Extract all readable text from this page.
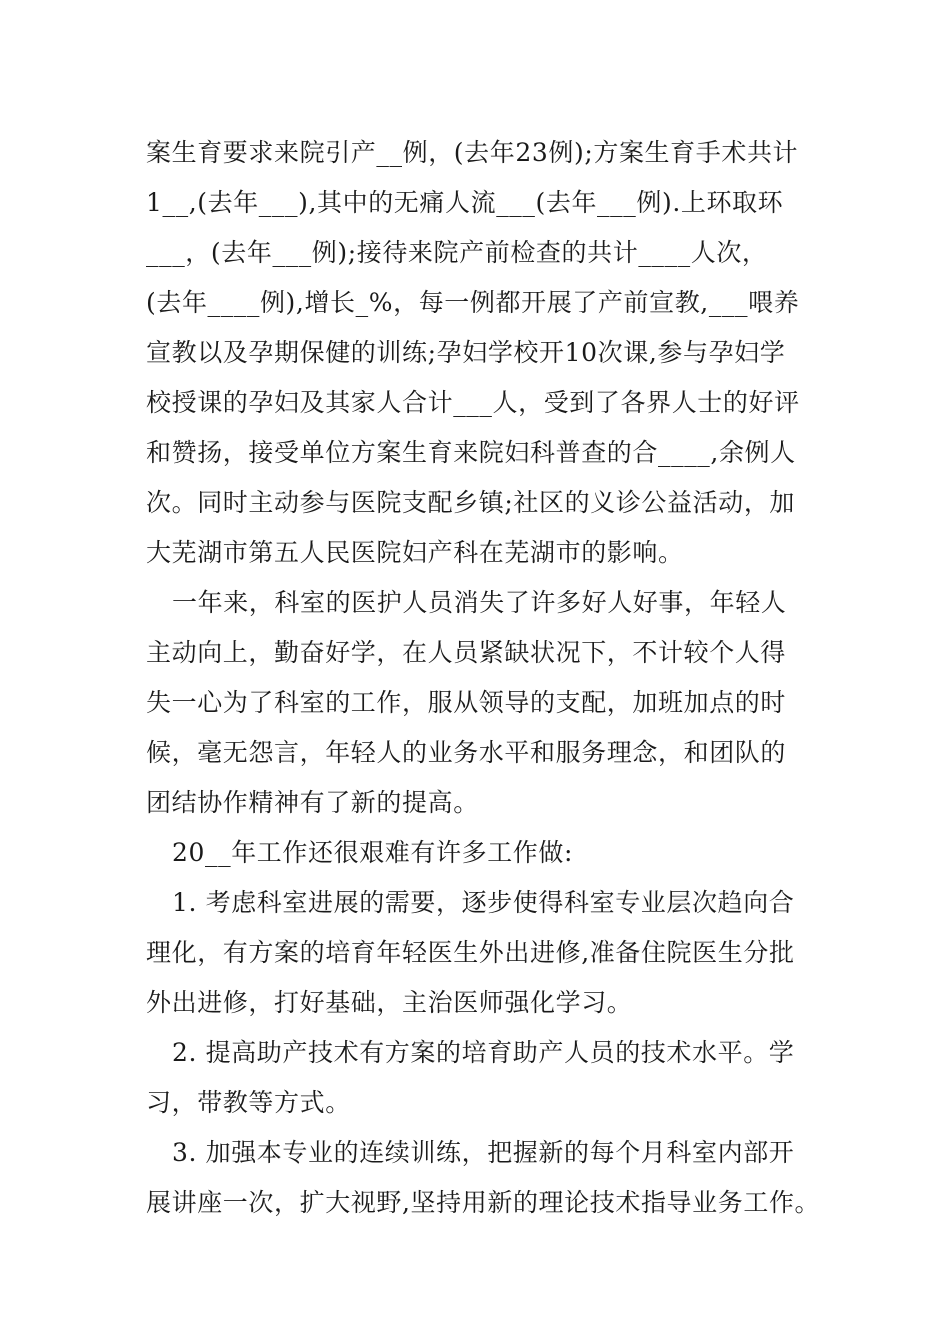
案生育要求来院引产__例，(去年23例);方案生育手术共计
1__,(去年___),其中的无痛人流___(去年___例).上环取环
___，(去年___例);接待来院产前检查的共计____人次，
(去年____例),增长_%，每一例都开展了产前宣教,___喂养
宣教以及孕期保健的训练;孕妇学校开10次课,参与孕妇学
校授课的孕妇及其家人合计___人，受到了各界人士的好评
和赞扬，接受单位方案生育来院妇科普查的合____,余例人
次。同时主动参与医院支配乡镇;社区的义诊公益活动，加
大芜湖市第五人民医院妇产科在芜湖市的影响。
一年来，科室的医护人员消失了许多好人好事，年轻人
主动向上，勤奋好学，在人员紧缺状况下，不计较个人得
失一心为了科室的工作，服从领导的支配，加班加点的时
候，毫无怨言，年轻人的业务水平和服务理念，和团队的
团结协作精神有了新的提高。
20__年工作还很艰难有许多工作做:
1. 考虑科室进展的需要，逐步使得科室专业层次趋向合
理化，有方案的培育年轻医生外出进修,准备住院医生分批
外出进修，打好基础，主治医师强化学习。
2. 提高助产技术有方案的培育助产人员的技术水平。学
习，带教等方式。
3. 加强本专业的连续训练，把握新的每个月科室内部开
展讲座一次，扩大视野,坚持用新的理论技术指导业务工作。
